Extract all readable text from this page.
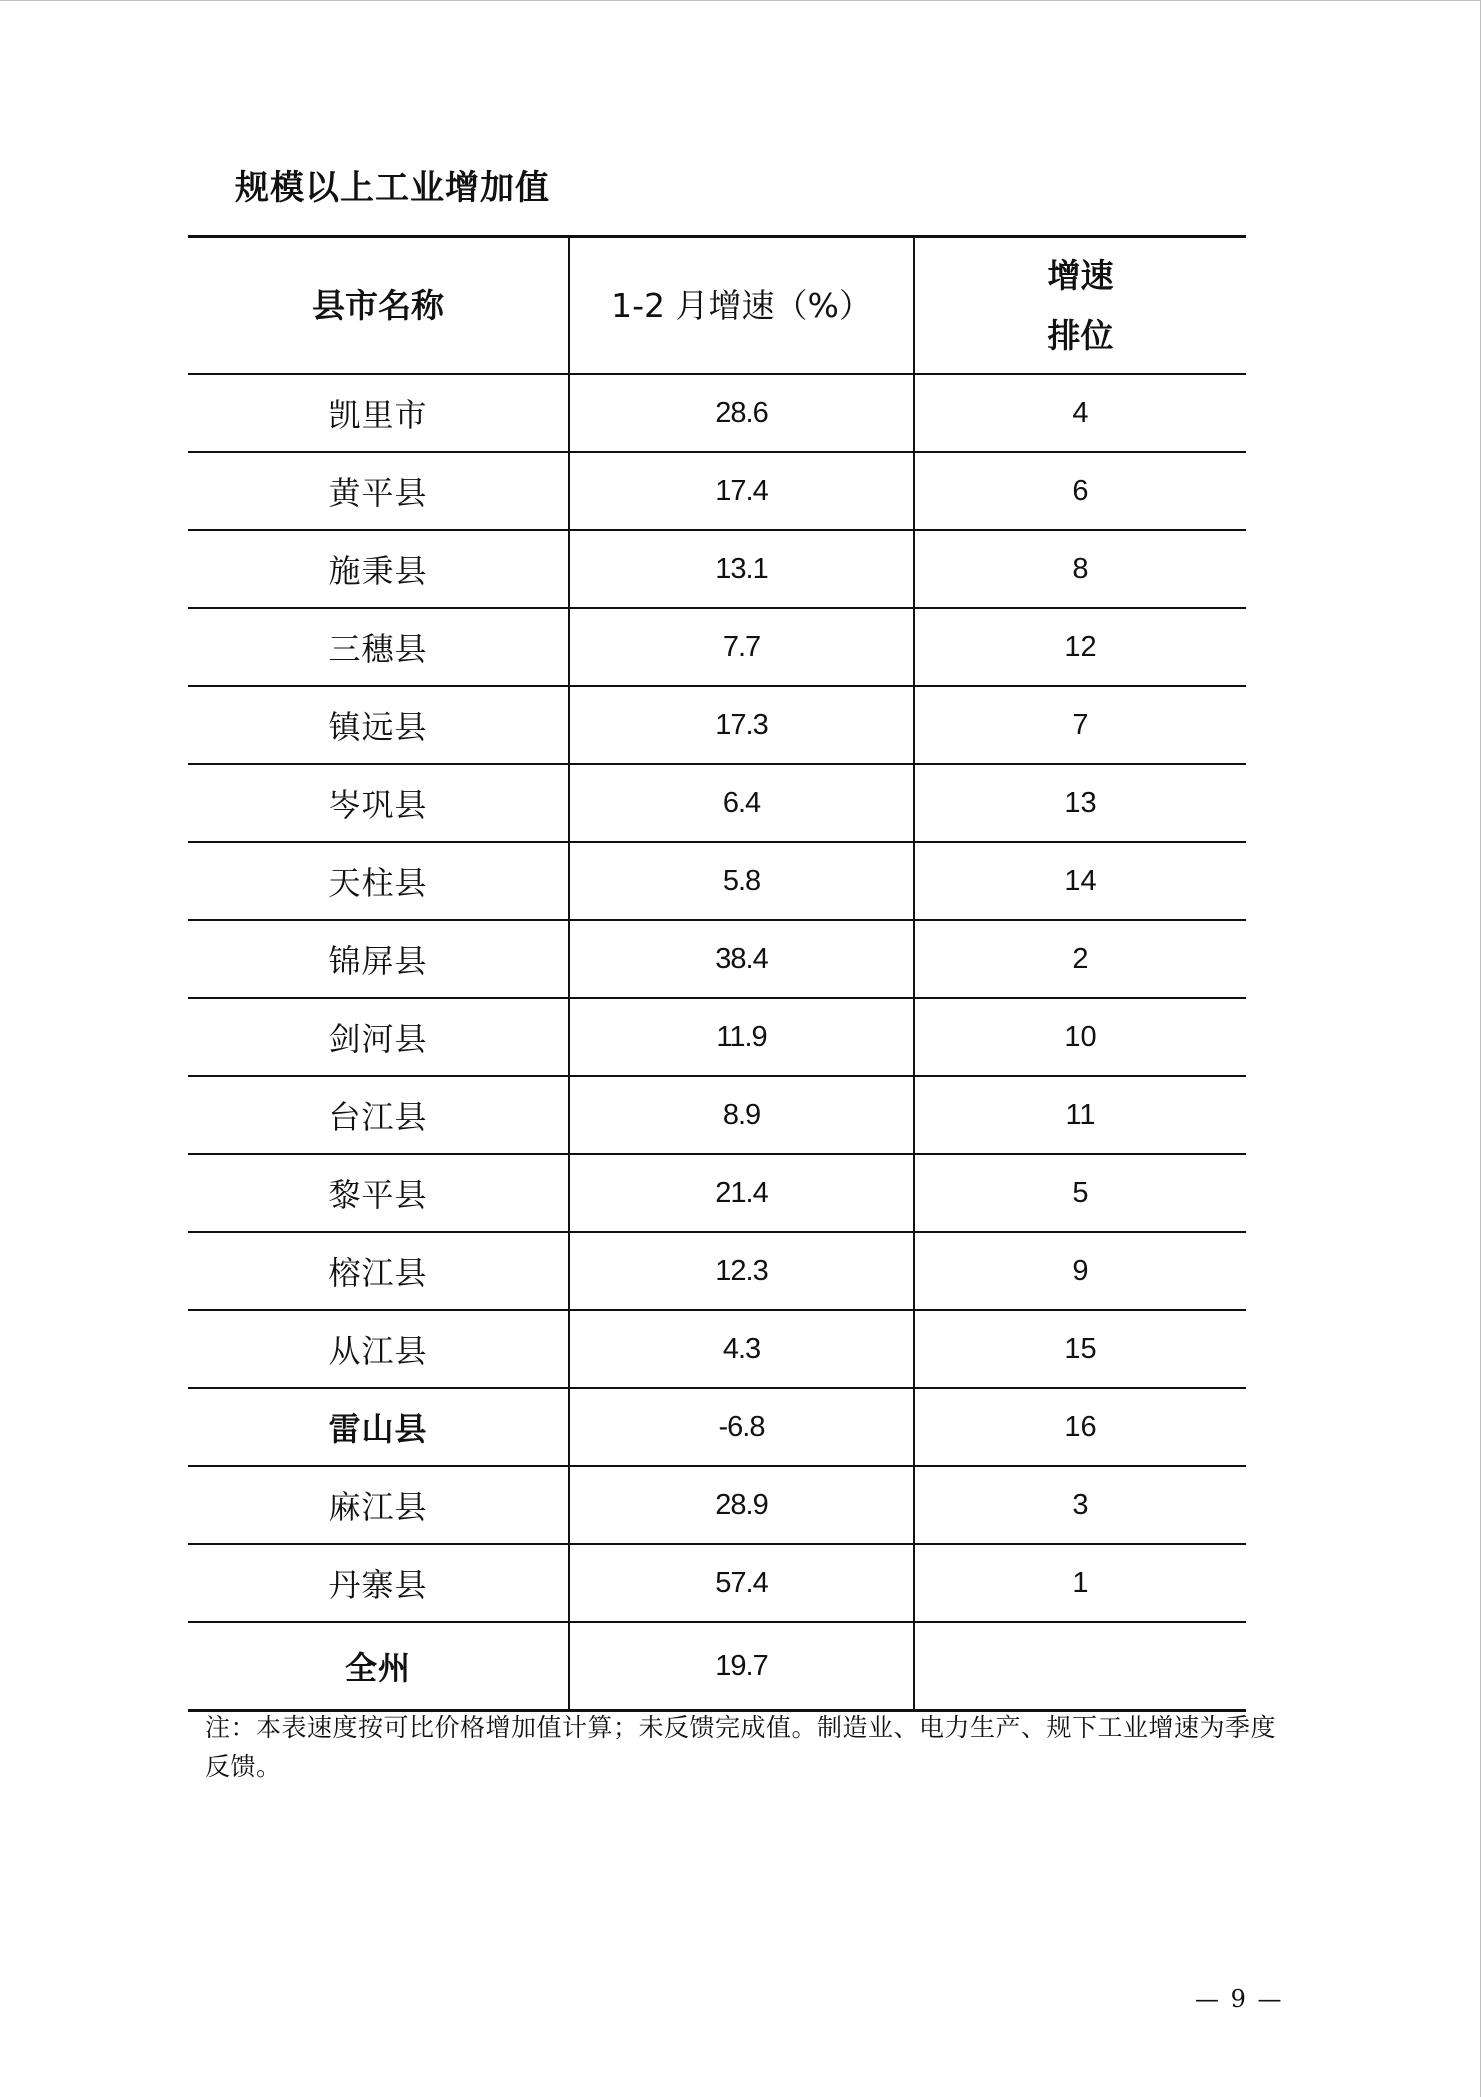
规模以上工业增加值
县市名称	1-2 月增速（%）	增速
排位

凯里市	28.6	4
黄平县	17.4	6
施秉县	13.1	8
三穗县	7.7	12
镇远县	17.3	7
岑巩县	6.4	13
天柱县	5.8	14
锦屏县	38.4	2
剑河县	11.9	10
台江县	8.9	11
黎平县	21.4	5
榕江县	12.3	9
从江县	4.3	15
雷山县	-6.8	16
麻江县	28.9	3
丹寨县	57.4	1
全州	19.7	
注：本表速度按可比价格增加值计算；未反馈完成值。制造业、电力生产、规下工业增速为季度反馈。
— 9 —
